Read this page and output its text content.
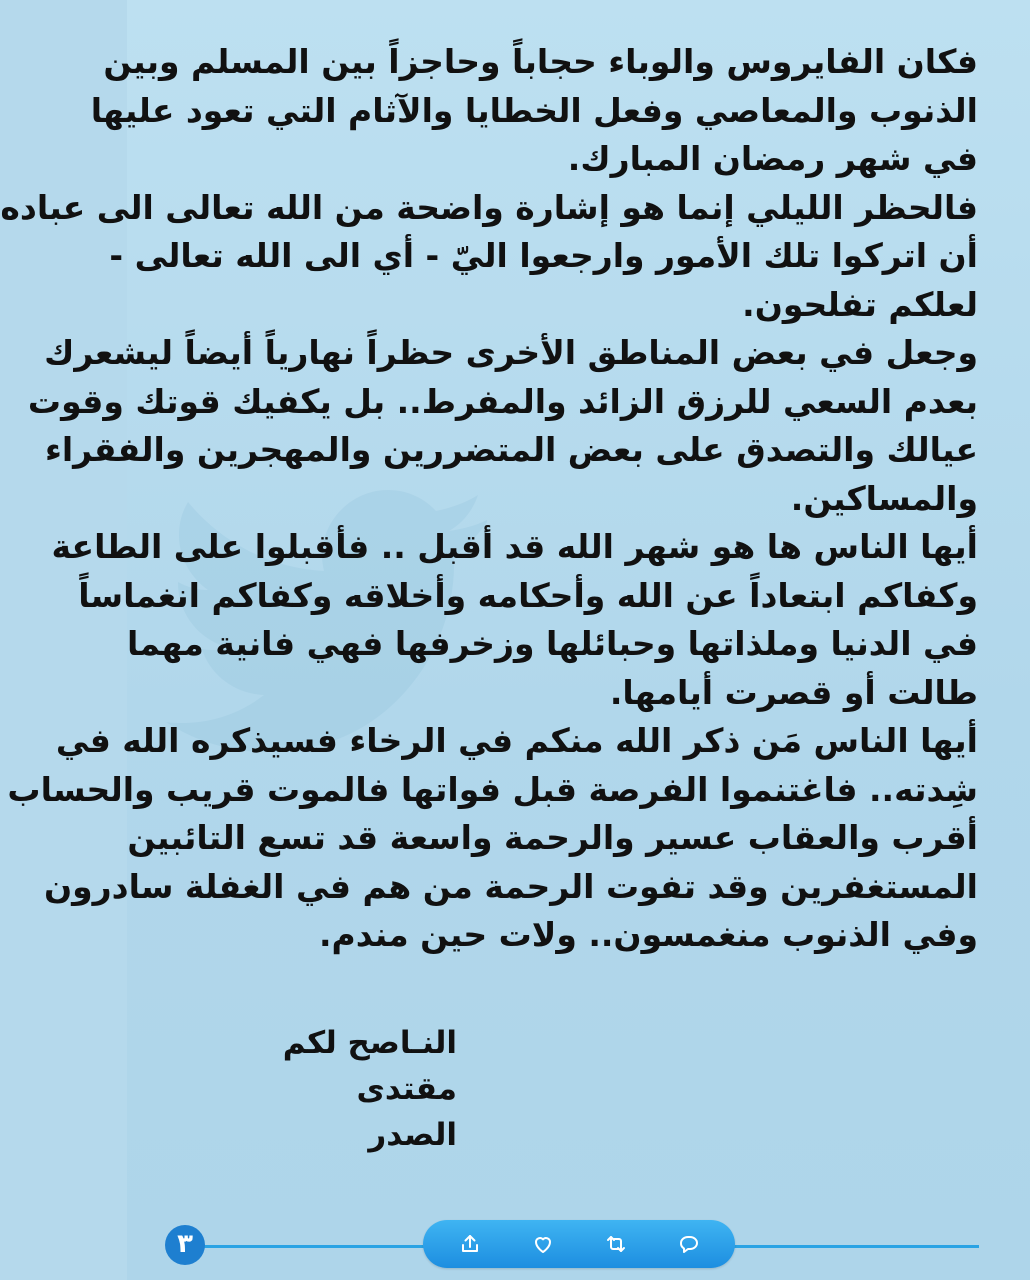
فكان الفايروس والوباء حجاباً وحاجزاً بين المسلم وبين
الذنوب والمعاصي وفعل الخطايا والآثام التي تعود عليها
في شهر رمضان المبارك.

فالحظر الليلي إنما هو إشارة واضحة من الله تعالى الى عباده
أن اتركوا تلك الأمور وارجعوا اليّ - أي الى الله تعالى -
لعلكم تفلحون.

وجعل في بعض المناطق الأخرى حظراً نهارياً أيضاً ليشعرك
بعدم السعي للرزق الزائد والمفرط.. بل يكفيك قوتك وقوت
عيالك والتصدق على بعض المتضررين والمهجرين والفقراء
والمساكين.

أيها الناس ها هو شهر الله قد أقبل .. فأقبلوا على الطاعة
وكفاكم ابتعاداً عن الله وأحكامه وأخلاقه وكفاكم انغماساً
في الدنيا وملذاتها وحبائلها وزخرفها فهي فانية مهما
طالت أو قصرت أيامها.

أيها الناس مَن ذكر الله منكم في الرخاء فسيذكره الله في
شِدته.. فاغتنموا الفرصة قبل فواتها فالموت قريب والحساب
أقرب والعقاب عسير والرحمة واسعة قد تسع التائبين
المستغفرين وقد تفوت الرحمة من هم في الغفلة سادرون
وفي الذنوب منغمسون.. ولات حين مندم.

النـاصح لكم
مقتدى الصدر
٣
